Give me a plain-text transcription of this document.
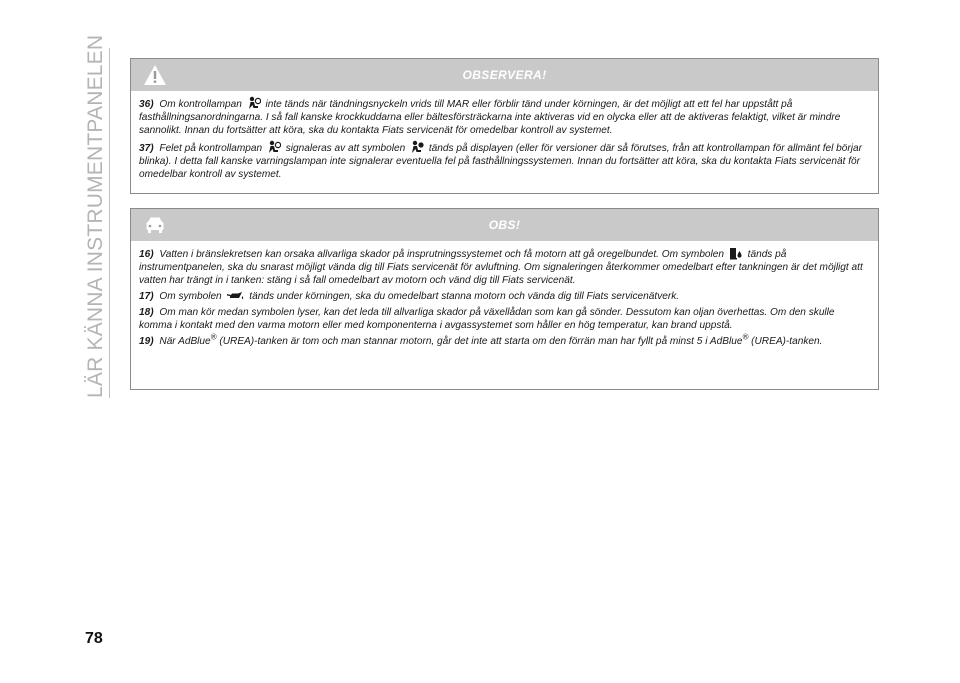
LÄR KÄNNA INSTRUMENTPANELEN	OBSERVERA!

36) Om kontrollampan inte tänds när tändningsnyckeln vrids till MAR eller förblir tänd under körningen, är det möjligt att ett fel har uppstått på fasthållningsanordningarna. I så fall kanske krockkuddarna eller bältesförsträckarna inte aktiveras vid en olycka eller att de aktiveras felaktigt, vilket är mindre sannolikt. Innan du fortsätter att köra, ska du kontakta Fiats servicenät för omedelbar kontroll av systemet.

37) Felet på kontrollampan signaleras av att symbolen tänds på displayen (eller för versioner där så förutses, från att kontrollampan för allmänt fel börjar blinka). I detta fall kanske varningslampan inte signalerar eventuella fel på fasthållningssystemen. Innan du fortsätter att köra, ska du kontakta Fiats servicenät för omedelbar kontroll av systemet.

OBS!

16) Vatten i bränslekretsen kan orsaka allvarliga skador på insprutningssystemet och få motorn att gå oregelbundet. Om symbolen tänds på instrumentpanelen, ska du snarast möjligt vända dig till Fiats servicenät för avluftning. Om signaleringen återkommer omedelbart efter tankningen är det möjligt att vatten har trängt in i tanken: stäng i så fall omedelbart av motorn och vänd dig till Fiats servicenät.

17) Om symbolen	tänds under körningen, ska du omedelbart stanna motorn och vända dig till Fiats servicenätverk.

18) Om man kör medan symbolen lyser, kan det leda till allvarliga skador på växellådan som kan gå sönder. Dessutom kan oljan överhettas. Om den skulle komma i kontakt med den varma motorn eller med komponenterna i avgassystemet som håller en hög temperatur, kan brand uppstå.

19) När AdBlue® (UREA)-tanken är tom och man stannar motorn, går det inte att starta om den förrän man har fyllt på minst 5 i AdBlue® (UREA)-tanken.

78
